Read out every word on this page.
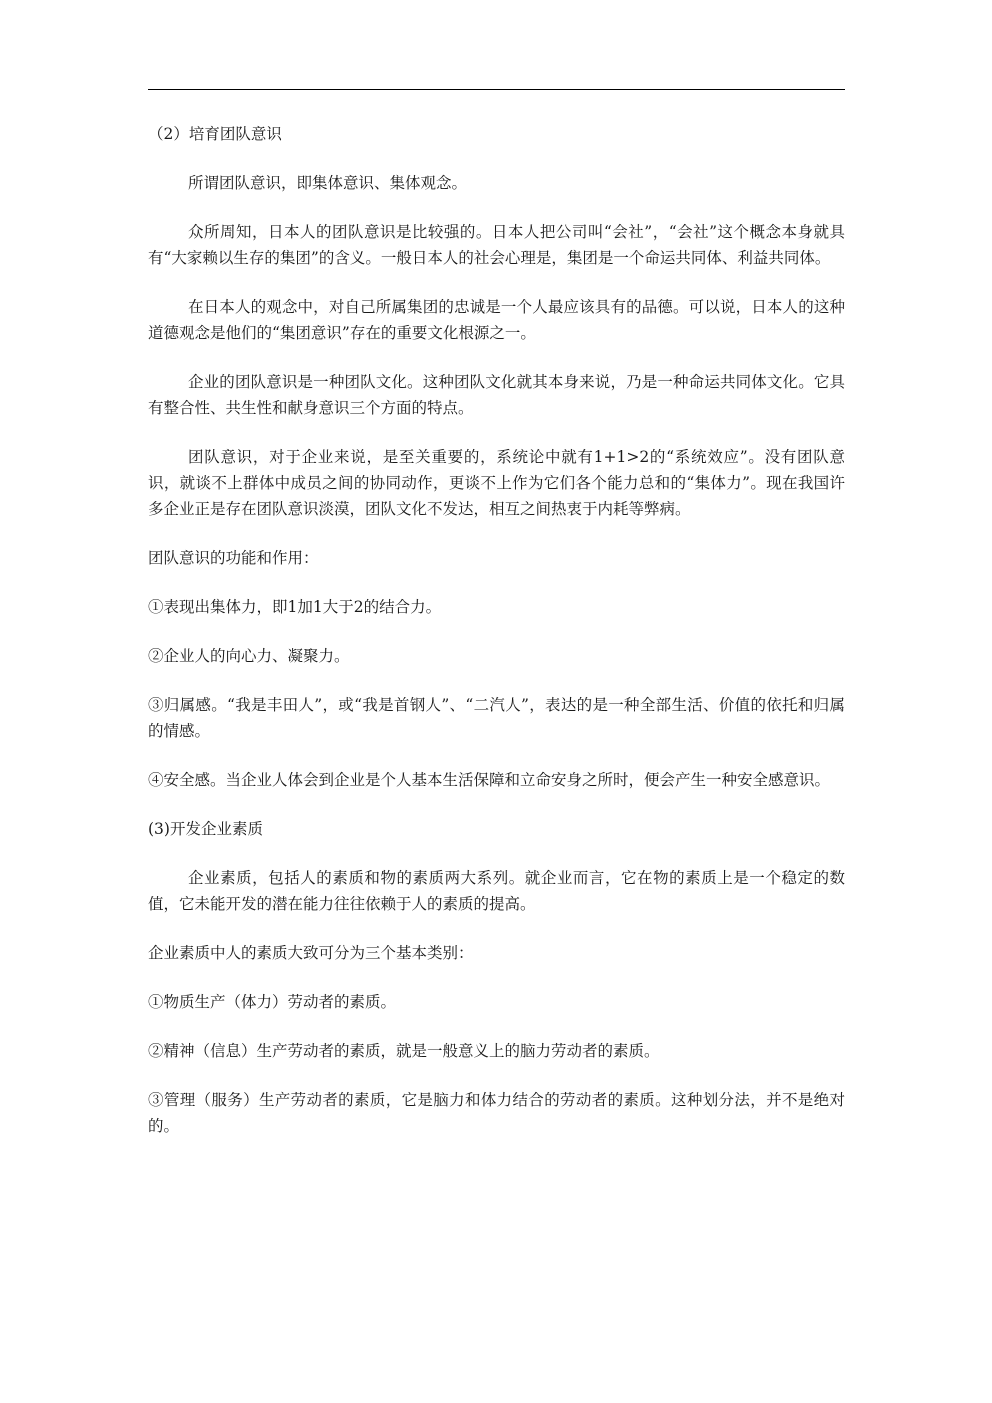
（2）培育团队意识

所谓团队意识，即集体意识、集体观念。

众所周知，日本人的团队意识是比较强的。日本人把公司叫“会社”，“会社”这个概念本身就具有“大家赖以生存的集团”的含义。一般日本人的社会心理是，集团是一个命运共同体、利益共同体。

在日本人的观念中，对自己所属集团的忠诚是一个人最应该具有的品德。可以说，日本人的这种道德观念是他们的“集团意识”存在的重要文化根源之一。

企业的团队意识是一种团队文化。这种团队文化就其本身来说，乃是一种命运共同体文化。它具有整合性、共生性和献身意识三个方面的特点。

团队意识，对于企业来说，是至关重要的，系统论中就有1+1>2的“系统效应”。没有团队意识，就谈不上群体中成员之间的协同动作，更谈不上作为它们各个能力总和的“集体力”。现在我国许多企业正是存在团队意识淡漠，团队文化不发达，相互之间热衷于内耗等弊病。

团队意识的功能和作用：

①表现出集体力，即1加1大于2的结合力。

②企业人的向心力、凝聚力。

③归属感。“我是丰田人”，或“我是首钢人”、“二汽人”，表达的是一种全部生活、价值的依托和归属的情感。

④安全感。当企业人体会到企业是个人基本生活保障和立命安身之所时，便会产生一种安全感意识。

(3)开发企业素质

企业素质，包括人的素质和物的素质两大系列。就企业而言，它在物的素质上是一个稳定的数值，它未能开发的潜在能力往往依赖于人的素质的提高。

企业素质中人的素质大致可分为三个基本类别：

①物质生产（体力）劳动者的素质。

②精神（信息）生产劳动者的素质，就是一般意义上的脑力劳动者的素质。

③管理（服务）生产劳动者的素质，它是脑力和体力结合的劳动者的素质。这种划分法，并不是绝对的。
